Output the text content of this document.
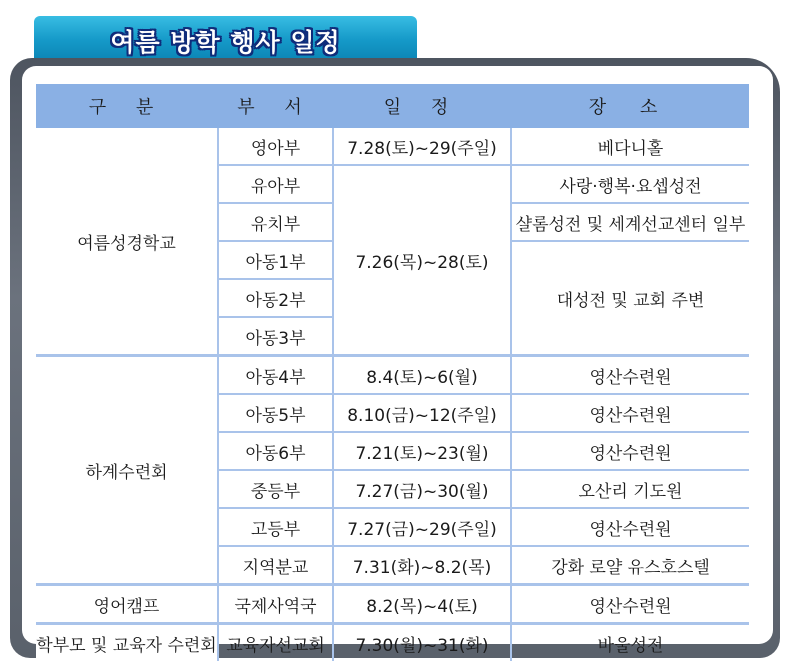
여름 방학 행사 일정
구 분	부 서	일 정	장 소
여름성경학교	영아부	7.28(토)~29(주일)	베다니홀
	유아부	7.26(목)~28(토)	사랑·행복·요셉성전
	유치부		샬롬성전 및 세계선교센터 일부
	아동1부		대성전 및 교회 주변
	아동2부		
	아동3부		
하계수련회	아동4부	8.4(토)~6(월)	영산수련원
	아동5부	8.10(금)~12(주일)	영산수련원
	아동6부	7.21(토)~23(월)	영산수련원
	중등부	7.27(금)~30(월)	오산리 기도원
	고등부	7.27(금)~29(주일)	영산수련원
	지역분교	7.31(화)~8.2(목)	강화 로얄 유스호스텔
영어캠프	국제사역국	8.2(목)~4(토)	영산수련원
학부모 및 교육자 수련회	교육자선교회	7.30(월)~31(화)	바울성전
